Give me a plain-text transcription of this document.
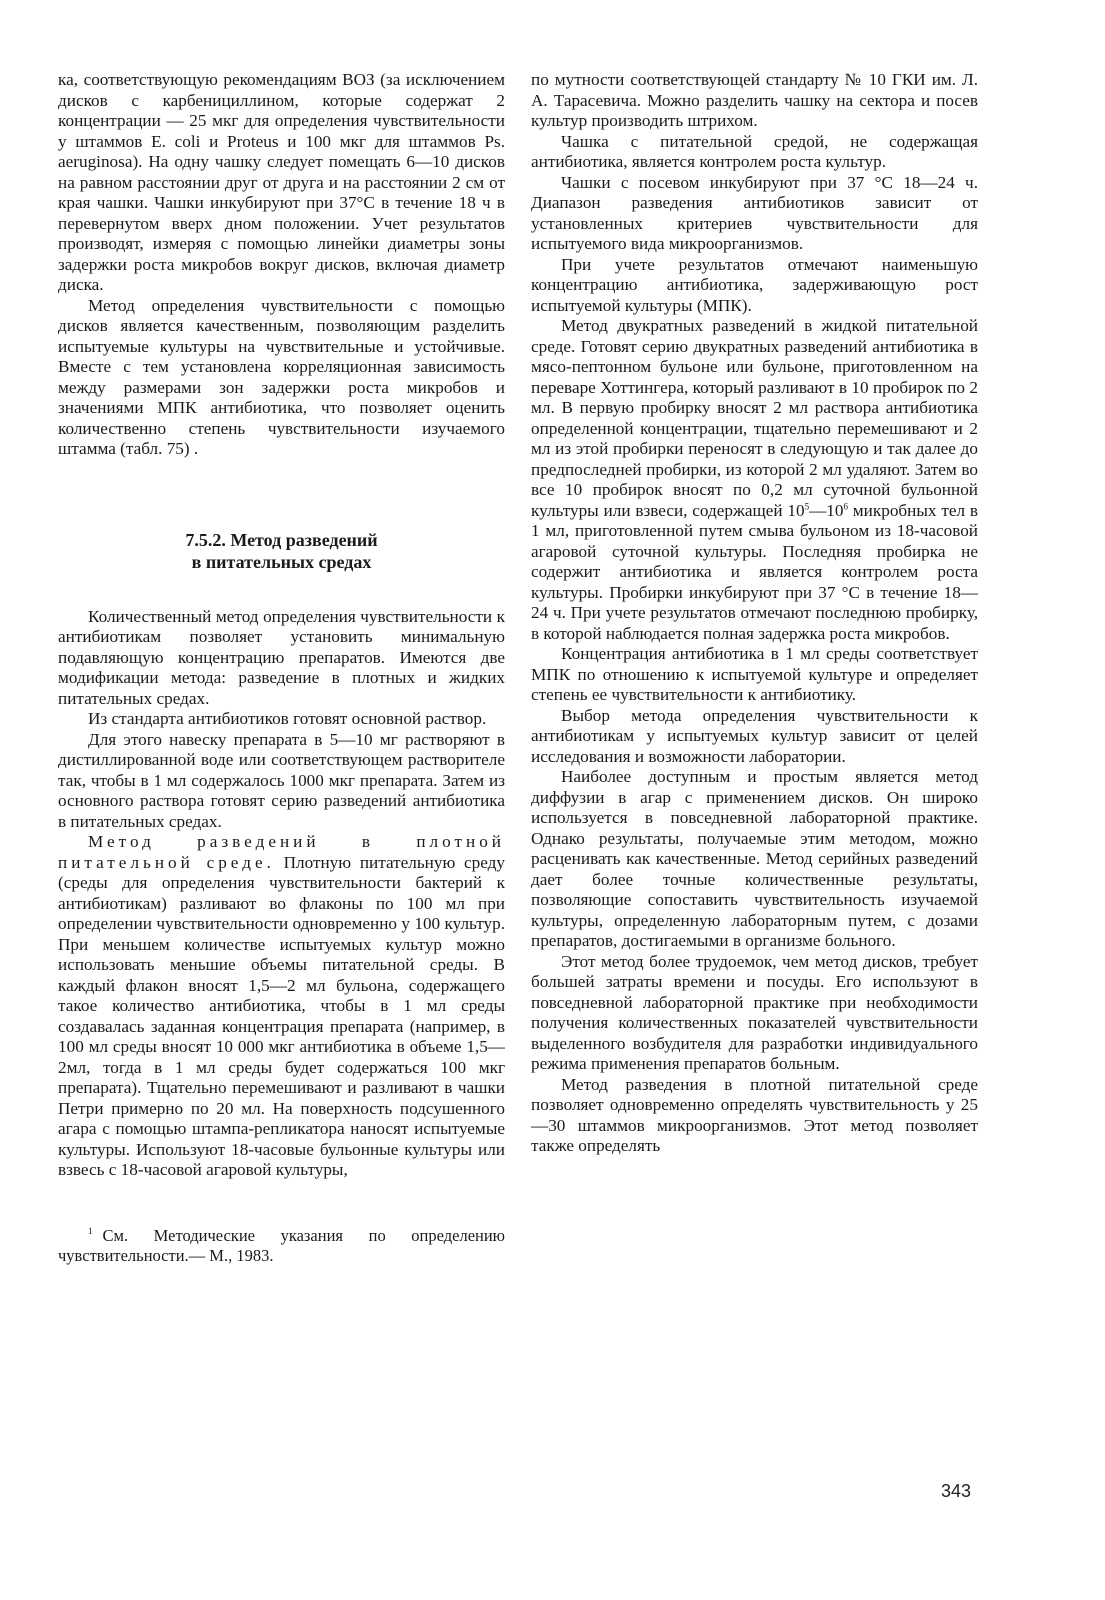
ка, соответствующую рекомендациям ВОЗ (за исключением дисков с карбенициллином, которые содержат 2 концентрации — 25 мкг для определения чувствительности у штаммов E. coli и Proteus и 100 мкг для штаммов Ps. aeruginosa). На одну чашку следует помещать 6—10 дисков на равном расстоянии друг от друга и на расстоянии 2 см от края чашки. Чашки инкубируют при 37°С в течение 18 ч в перевернутом вверх дном положении. Учет результатов производят, измеряя с помощью линейки диаметры зоны задержки роста микробов вокруг дисков, включая диаметр диска.

Метод определения чувствительности с помощью дисков является качественным, позволяющим разделить испытуемые культуры на чувствительные и устойчивые. Вместе с тем установлена корреляционная зависимость между размерами зон задержки роста микробов и значениями МПК антибиотика, что позволяет оценить количественно степень чувствительности изучаемого штамма (табл. 75) .

7.5.2. Метод разведений
в питательных средах

Количественный метод определения чувствительности к антибиотикам позволяет установить минимальную подавляющую концентрацию препаратов. Имеются две модификации метода: разведение в плотных и жидких питательных средах.

Из стандарта антибиотиков готовят основной раствор.

Для этого навеску препарата в 5—10 мг растворяют в дистиллированной воде или соответствующем растворителе так, чтобы в 1 мл содержалось 1000 мкг препарата. Затем из основного раствора готовят серию разведений антибиотика в питательных средах.

Метод разведений в плотной питательной среде. Плотную питательную среду (среды для определения чувствительности бактерий к антибиотикам) разливают во флаконы по 100 мл при определении чувствительности одновременно у 100 культур. При меньшем количестве испытуемых культур можно использовать меньшие объемы питательной среды. В каждый флакон вносят 1,5—2 мл бульона, содержащего такое количество антибиотика, чтобы в 1 мл среды создавалась заданная концентрация препарата (например, в 100 мл среды вносят 10 000 мкг антибиотика в объеме 1,5—2мл, тогда в 1 мл среды будет содержаться 100 мкг препарата). Тщательно перемешивают и разливают в чашки Петри примерно по 20 мл. На поверхность подсушенного агара с помощью штампа-репликатора наносят испытуемые культуры. Используют 18-часовые бульонные культуры или взвесь с 18-часовой агаровой культуры,

$^1$ См. Методические указания по определению чувствительности.— М., 1983.

по мутности соответствующей стандарту № 10 ГКИ им. Л. А. Тарасевича. Можно разделить чашку на сектора и посев культур производить штрихом.

Чашка с питательной средой, не содержащая антибиотика, является контролем роста культур.

Чашки с посевом инкубируют при 37 °С 18—24 ч. Диапазон разведения антибиотиков зависит от установленных критериев чувствительности для испытуемого вида микроорганизмов.

При учете результатов отмечают наименьшую концентрацию антибиотика, задерживающую рост испытуемой культуры (МПК).

Метод двукратных разведений в жидкой питательной среде. Готовят серию двукратных разведений антибиотика в мясо-пептонном бульоне или бульоне, приготовленном на переваре Хоттингера, который разливают в 10 пробирок по 2 мл. В первую пробирку вносят 2 мл раствора антибиотика определенной концентрации, тщательно перемешивают и 2 мл из этой пробирки переносят в следующую и так далее до предпоследней пробирки, из которой 2 мл удаляют. Затем во все 10 пробирок вносят по 0,2 мл суточной бульонной культуры или взвеси, содержащей $10^5—10^6$ микробных тел в 1 мл, приготовленной путем смыва бульоном из 18-часовой агаровой суточной культуры. Последняя пробирка не содержит антибиотика и является контролем роста культуры. Пробирки инкубируют при 37 °С в течение 18—24 ч. При учете результатов отмечают последнюю пробирку, в которой наблюдается полная задержка роста микробов.

Концентрация антибиотика в 1 мл среды соответствует МПК по отношению к испытуемой культуре и определяет степень ее чувствительности к антибиотику.

Выбор метода определения чувствительности к антибиотикам у испытуемых культур зависит от целей исследования и возможности лаборатории.

Наиболее доступным и простым является метод диффузии в агар с применением дисков. Он широко используется в повседневной лабораторной практике. Однако результаты, получаемые этим методом, можно расценивать как качественные. Метод серийных разведений дает более точные количественные результаты, позволяющие сопоставить чувствительность изучаемой культуры, определенную лабораторным путем, с дозами препаратов, достигаемыми в организме больного.

Этот метод более трудоемок, чем метод дисков, требует большей затраты времени и посуды. Его используют в повседневной лабораторной практике при необходимости получения количественных показателей чувствительности выделенного возбудителя для разработки индивидуального режима применения препаратов больным.

Метод разведения в плотной питательной среде позволяет одновременно определять чувствительность у 25 —30 штаммов микроорганизмов. Этот метод позволяет также определять

343
